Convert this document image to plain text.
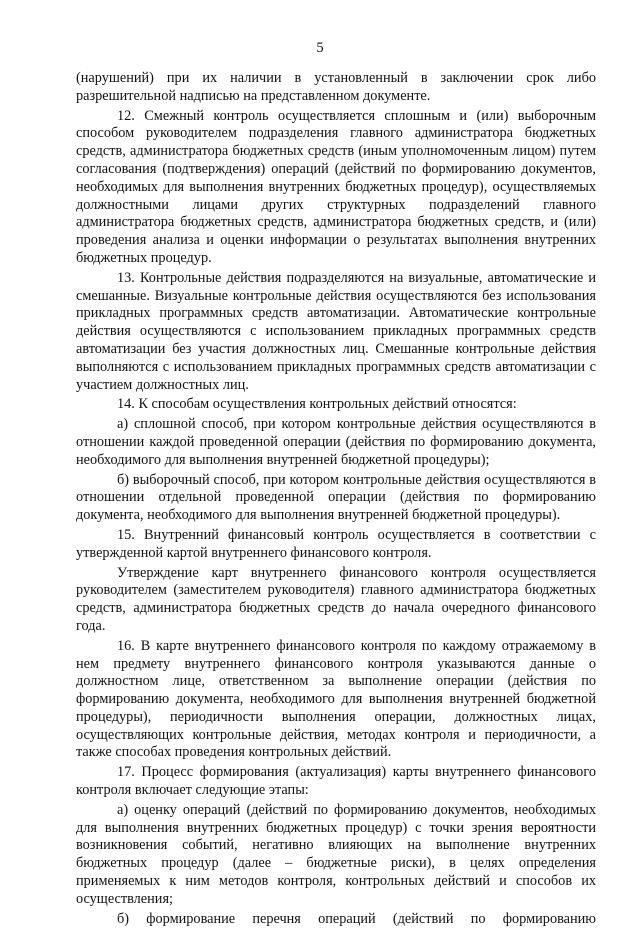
5

(нарушений) при их наличии в установленный в заключении срок либо разрешительной надписью на представленном документе.

12. Смежный контроль осуществляется сплошным и (или) выборочным способом руководителем подразделения главного администратора бюджетных средств, администратора бюджетных средств (иным уполномоченным лицом) путем согласования (подтверждения) операций (действий по формированию документов, необходимых для выполнения внутренних бюджетных процедур), осуществляемых должностными лицами других структурных подразделений главного администратора бюджетных средств, администратора бюджетных средств, и (или) проведения анализа и оценки информации о результатах выполнения внутренних бюджетных процедур.

13. Контрольные действия подразделяются на визуальные, автоматические и смешанные. Визуальные контрольные действия осуществляются без использования прикладных программных средств автоматизации. Автоматические контрольные действия осуществляются с использованием прикладных программных средств автоматизации без участия должностных лиц. Смешанные контрольные действия выполняются с использованием прикладных программных средств автоматизации с участием должностных лиц.

14. К способам осуществления контрольных действий относятся:

а) сплошной способ, при котором контрольные действия осуществляются в отношении каждой проведенной операции (действия по формированию документа, необходимого для выполнения внутренней бюджетной процедуры);

б) выборочный способ, при котором контрольные действия осуществляются в отношении отдельной проведенной операции (действия по формированию документа, необходимого для выполнения внутренней бюджетной процедуры).

15. Внутренний финансовый контроль осуществляется в соответствии с утвержденной картой внутреннего финансового контроля.

Утверждение карт внутреннего финансового контроля осуществляется руководителем (заместителем руководителя) главного администратора бюджетных средств, администратора бюджетных средств до начала очередного финансового года.

16. В карте внутреннего финансового контроля по каждому отражаемому в нем предмету внутреннего финансового контроля указываются данные о должностном лице, ответственном за выполнение операции (действия по формированию документа, необходимого для выполнения внутренней бюджетной процедуры), периодичности выполнения операции, должностных лицах, осуществляющих контрольные действия, методах контроля и периодичности, а также способах проведения контрольных действий.

17. Процесс формирования (актуализация) карты внутреннего финансового контроля включает следующие этапы:

а) оценку операций (действий по формированию документов, необходимых для выполнения внутренних бюджетных процедур) с точки зрения вероятности возникновения событий, негативно влияющих на выполнение внутренних бюджетных процедур (далее – бюджетные риски), в целях определения применяемых к ним методов контроля, контрольных действий и способов их осуществления;

б) формирование перечня операций (действий по формированию
